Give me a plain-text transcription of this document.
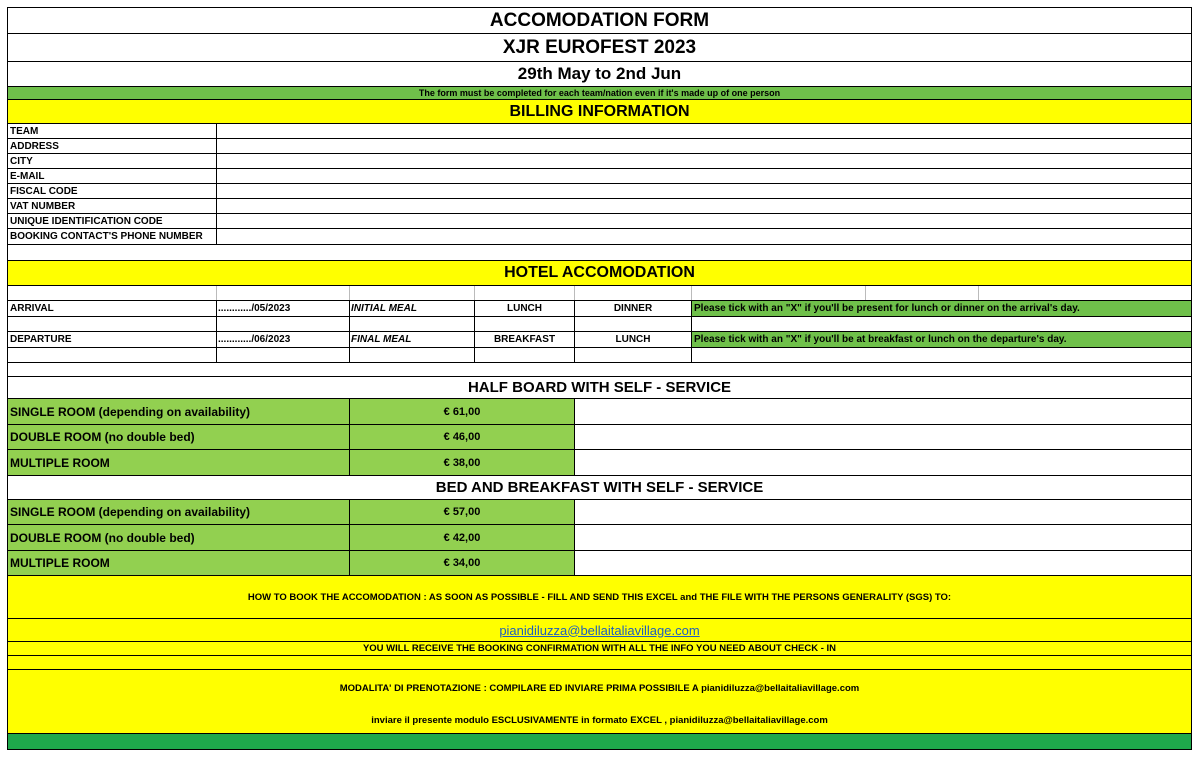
ACCOMODATION FORM
XJR EUROFEST 2023
29th May to 2nd Jun
The form must be completed for each team/nation even if it's made up of one person
BILLING INFORMATION
TEAM
ADDRESS
CITY
E-MAIL
FISCAL CODE
VAT NUMBER
UNIQUE IDENTIFICATION CODE
BOOKING CONTACT'S PHONE NUMBER
HOTEL ACCOMODATION
ARRIVAL	............/05/2023	INITIAL MEAL	LUNCH	DINNER	Please tick with an "X" if you'll be present for lunch or dinner on the arrival's day.
DEPARTURE	............/06/2023	FINAL MEAL	BREAKFAST	LUNCH	Please tick with an "X" if you'll be at breakfast or lunch on the departure's day.
HALF BOARD WITH SELF - SERVICE
SINGLE ROOM (depending on availability)	€ 61,00
DOUBLE ROOM (no double bed)	€ 46,00
MULTIPLE ROOM	€ 38,00
BED AND BREAKFAST WITH SELF - SERVICE
SINGLE ROOM (depending on availability)	€ 57,00
DOUBLE ROOM (no double bed)	€ 42,00
MULTIPLE ROOM	€ 34,00
HOW TO BOOK THE ACCOMODATION : AS SOON AS POSSIBLE - FILL AND SEND THIS EXCEL and THE FILE WITH THE PERSONS GENERALITY (SGS) TO:
pianidiluzza@bellaitaliavillage.com
YOU WILL RECEIVE THE BOOKING CONFIRMATION WITH ALL THE INFO YOU NEED ABOUT CHECK - IN
MODALITA' DI PRENOTAZIONE : COMPILARE ED INVIARE PRIMA POSSIBILE A pianidiluzza@bellaitaliavillage.com
inviare il presente modulo ESCLUSIVAMENTE in formato EXCEL , pianidiluzza@bellaitaliavillage.com
